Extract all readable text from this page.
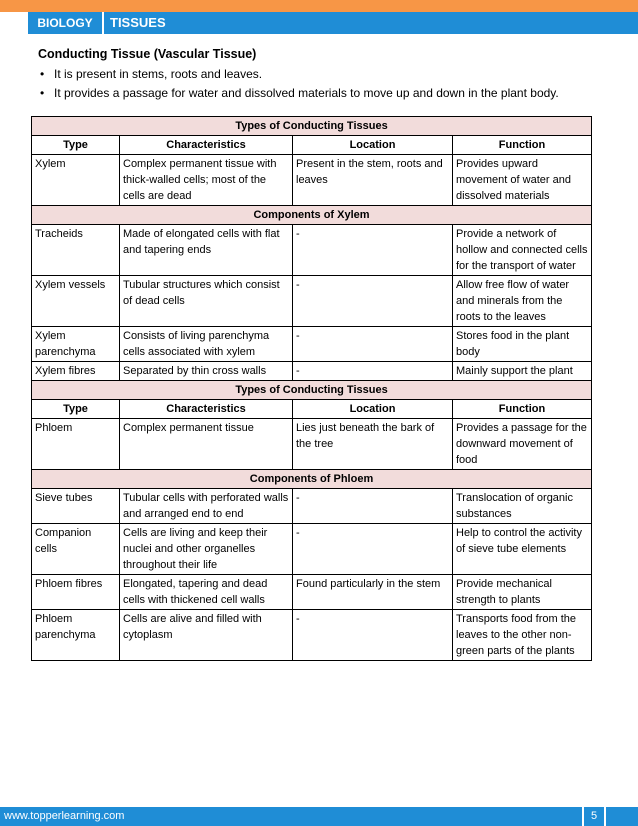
BIOLOGY	TISSUES
Conducting Tissue (Vascular Tissue)
• It is present in stems, roots and leaves.
• It provides a passage for water and dissolved materials to move up and down in the plant body.
Types of Conducting Tissues			
Type	Characteristics	Location	Function
Xylem	Complex permanent tissue with thick-walled cells; most of the cells are dead	Present in the stem, roots and leaves	Provides upward movement of water and dissolved materials
Components of Xylem			
Tracheids	Made of elongated cells with flat and tapering ends	-	Provide a network of hollow and connected cells for the transport of water
Xylem vessels	Tubular structures which consist of dead cells	-	Allow free flow of water and minerals from the roots to the leaves
Xylem parenchyma	Consists of living parenchyma cells associated with xylem	-	Stores food in the plant body
Xylem fibres	Separated by thin cross walls	-	Mainly support the plant
Types of Conducting Tissues			
Type	Characteristics	Location	Function
Phloem	Complex permanent tissue	Lies just beneath the bark of the tree	Provides a passage for the downward movement of food
Components of Phloem			
Sieve tubes	Tubular cells with perforated walls and arranged end to end	-	Translocation of organic substances
Companion cells	Cells are living and keep their nuclei and other organelles throughout their life	-	Help to control the activity of sieve tube elements
Phloem fibres	Elongated, tapering and dead cells with thickened cell walls	Found particularly in the stem	Provide mechanical strength to plants
Phloem parenchyma	Cells are alive and filled with cytoplasm	-	Transports food from the leaves to the other non-green parts of the plants
www.topperlearning.com	5
